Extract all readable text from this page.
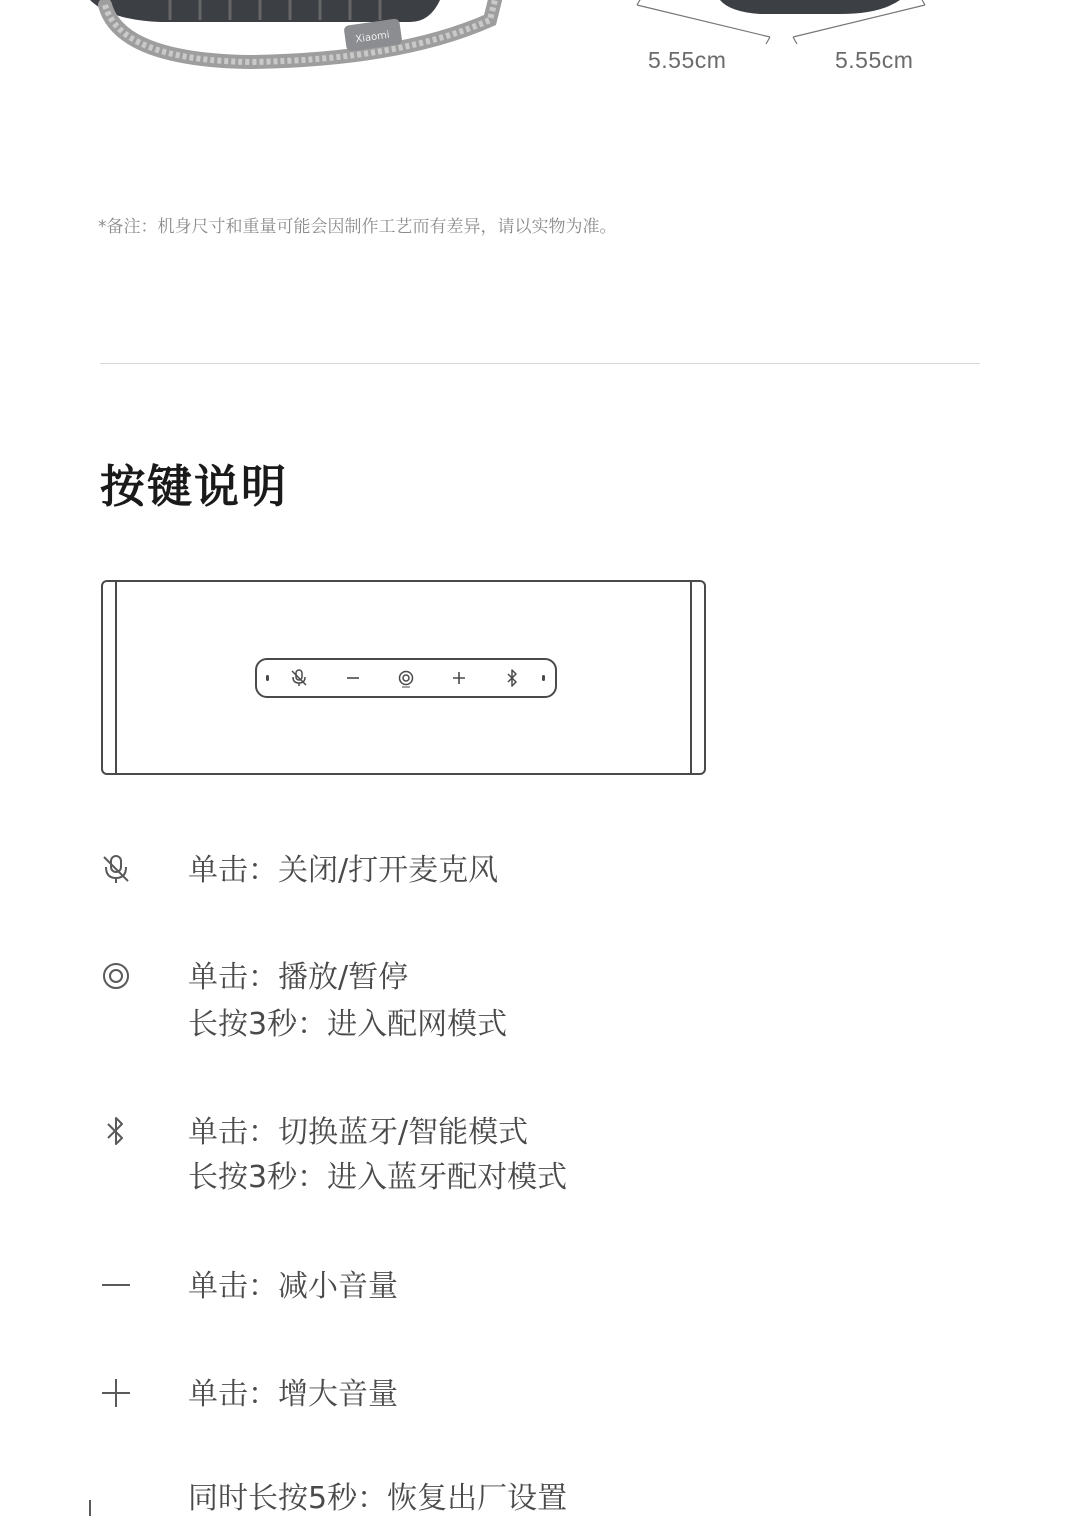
Xiaomi
5.55cm	5.55cm
*备注：机身尺寸和重量可能会因制作工艺而有差异，请以实物为准。
按键说明
单击：关闭/打开麦克风
单击：播放/暂停
长按3秒：进入配网模式
单击：切换蓝牙/智能模式
长按3秒：进入蓝牙配对模式
单击：减小音量
单击：增大音量
同时长按5秒：恢复出厂设置
